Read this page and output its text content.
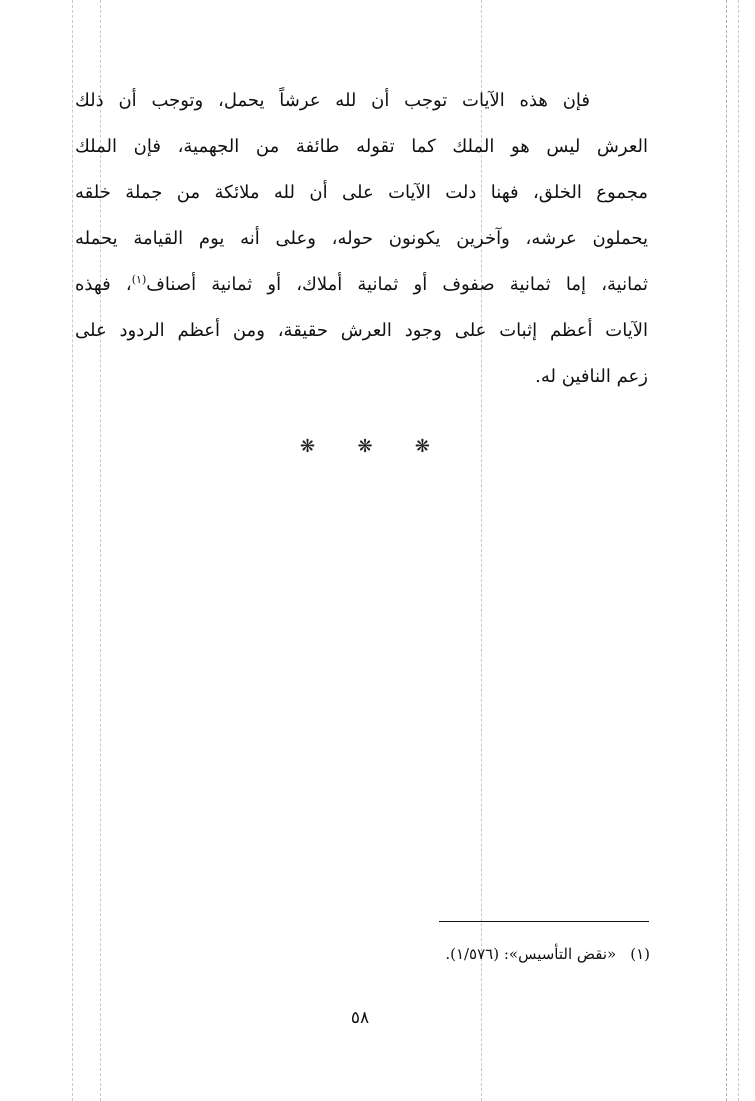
فإن هذه الآيات توجب أن لله عرشاً يحمل، وتوجب أن ذلك
العرش ليس هو الملك كما تقوله طائفة من الجهمية، فإن الملك
مجموع الخلق، فهنا دلت الآيات على أن لله ملائكة من جملة خلقه
يحملون عرشه، وآخرين يكونون حوله، وعلى أنه يوم القيامة يحمله
ثمانية، إما ثمانية صفوف أو ثمانية أملاك، أو ثمانية أصناف$^{(١)}$، فهذه
الآيات أعظم إثبات على وجود العرش حقيقة، ومن أعظم الردود على
زعم النافين له.
❋ ❋ ❋
(١)«نقض التأسيس»: (١/٥٧٦).
٥٨
